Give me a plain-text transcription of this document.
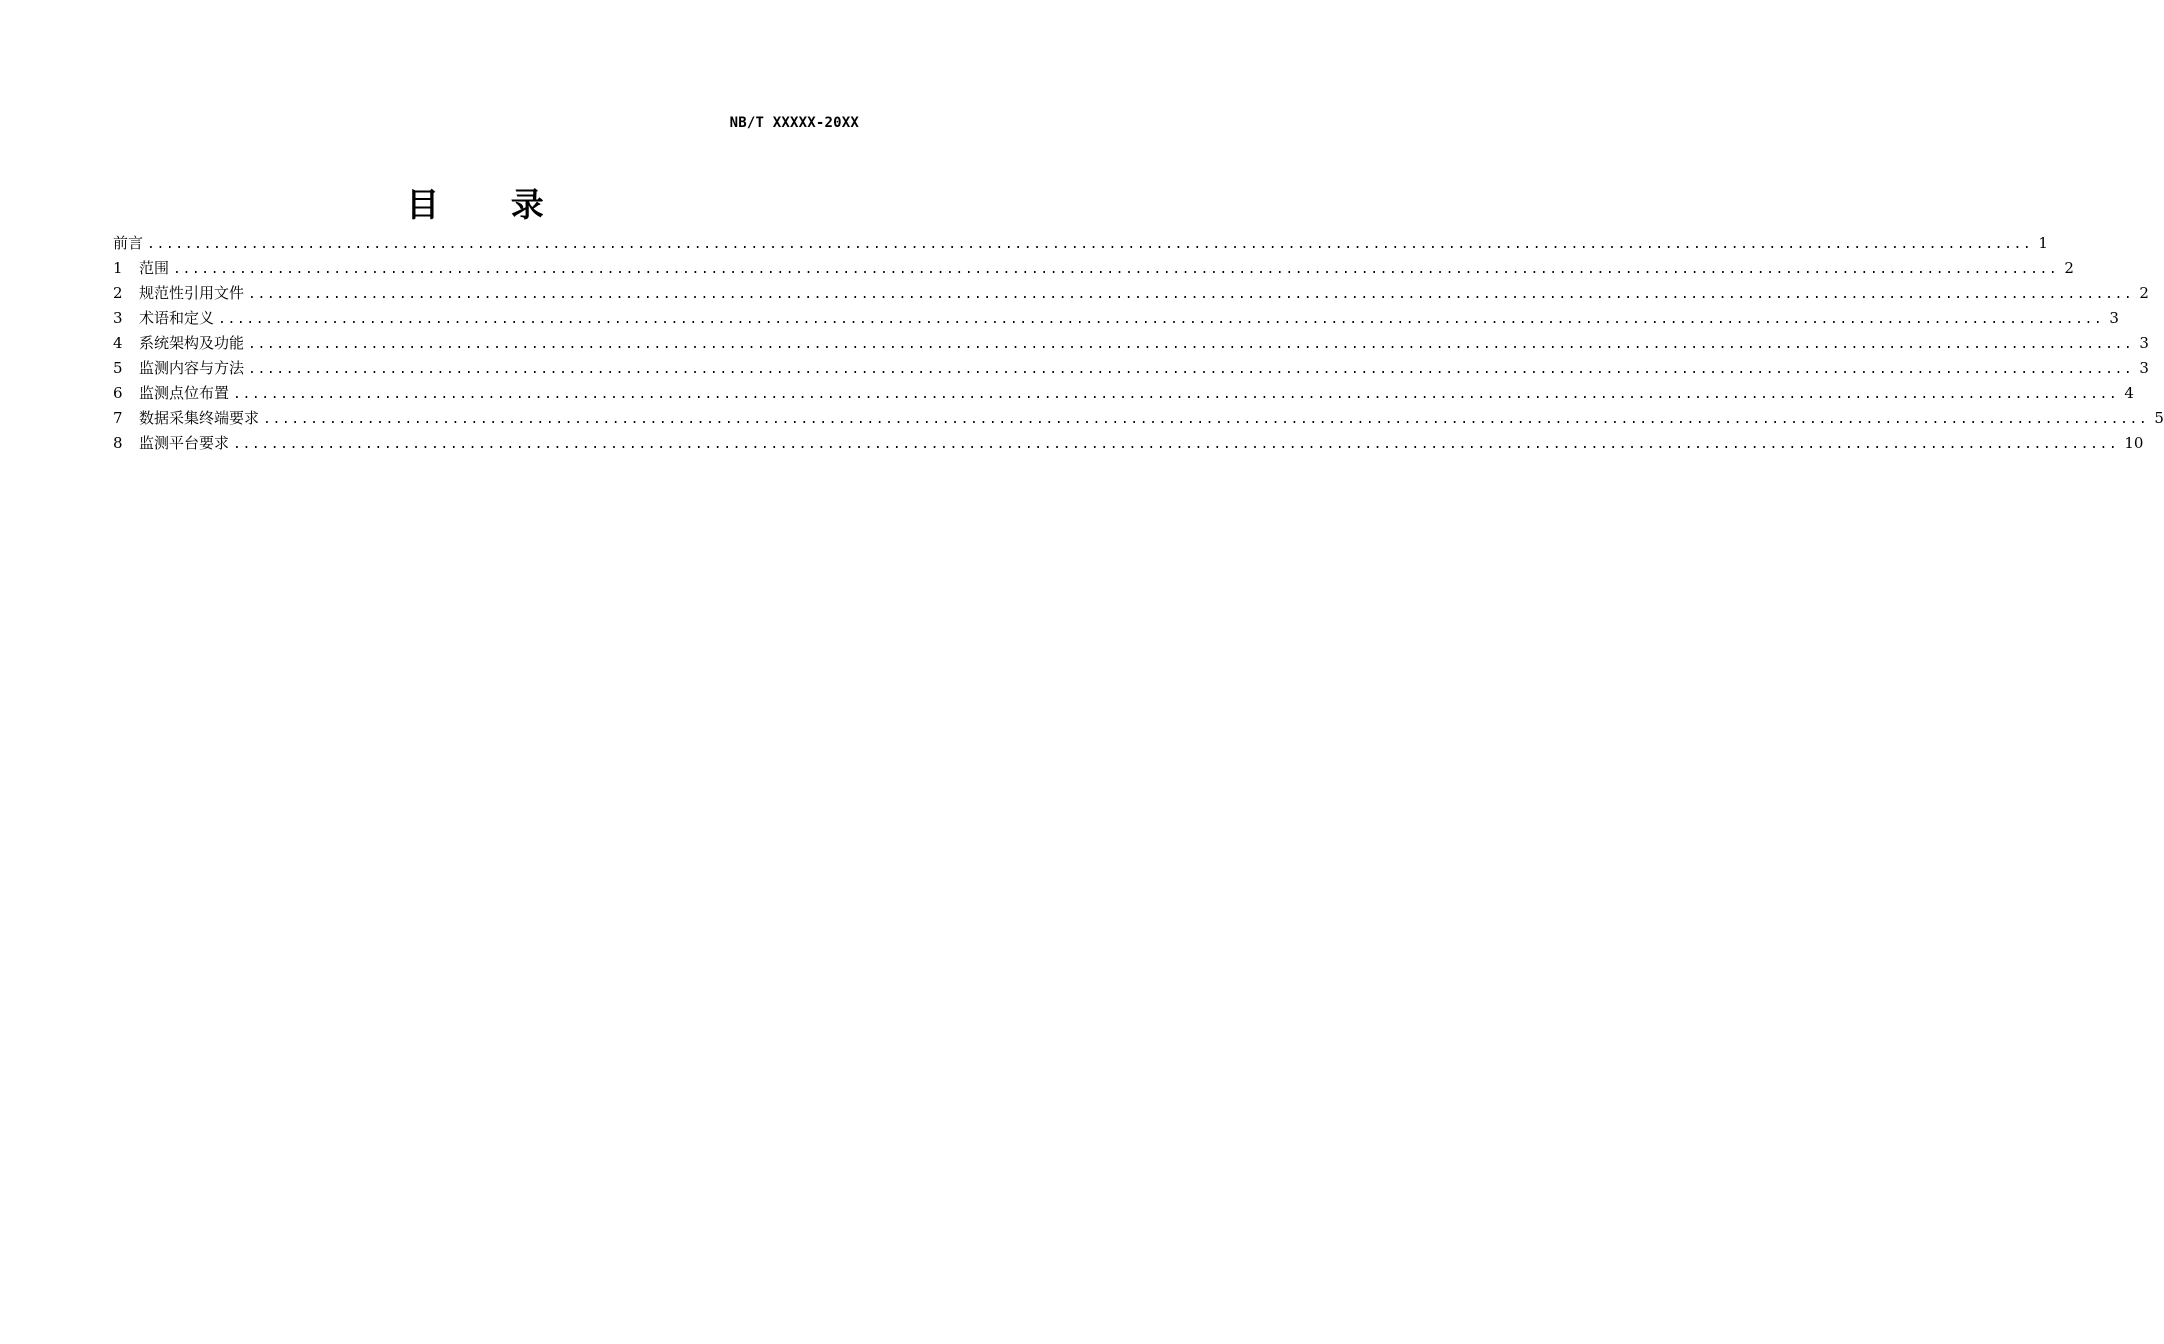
NB/T XXXXX-20XX
目 录
前言 ........................................................................................................................................................................................................ 1
1	范围 ........................................................................................................................................................................................................ 2
2	规范性引用文件 ........................................................................................................................................................................................................ 2
3	术语和定义 ........................................................................................................................................................................................................ 3
4	系统架构及功能 ........................................................................................................................................................................................................ 3
5	监测内容与方法 ........................................................................................................................................................................................................ 3
6	监测点位布置 ........................................................................................................................................................................................................ 4
7	数据采集终端要求 ........................................................................................................................................................................................................ 5
8	监测平台要求 ........................................................................................................................................................................................................ 10
